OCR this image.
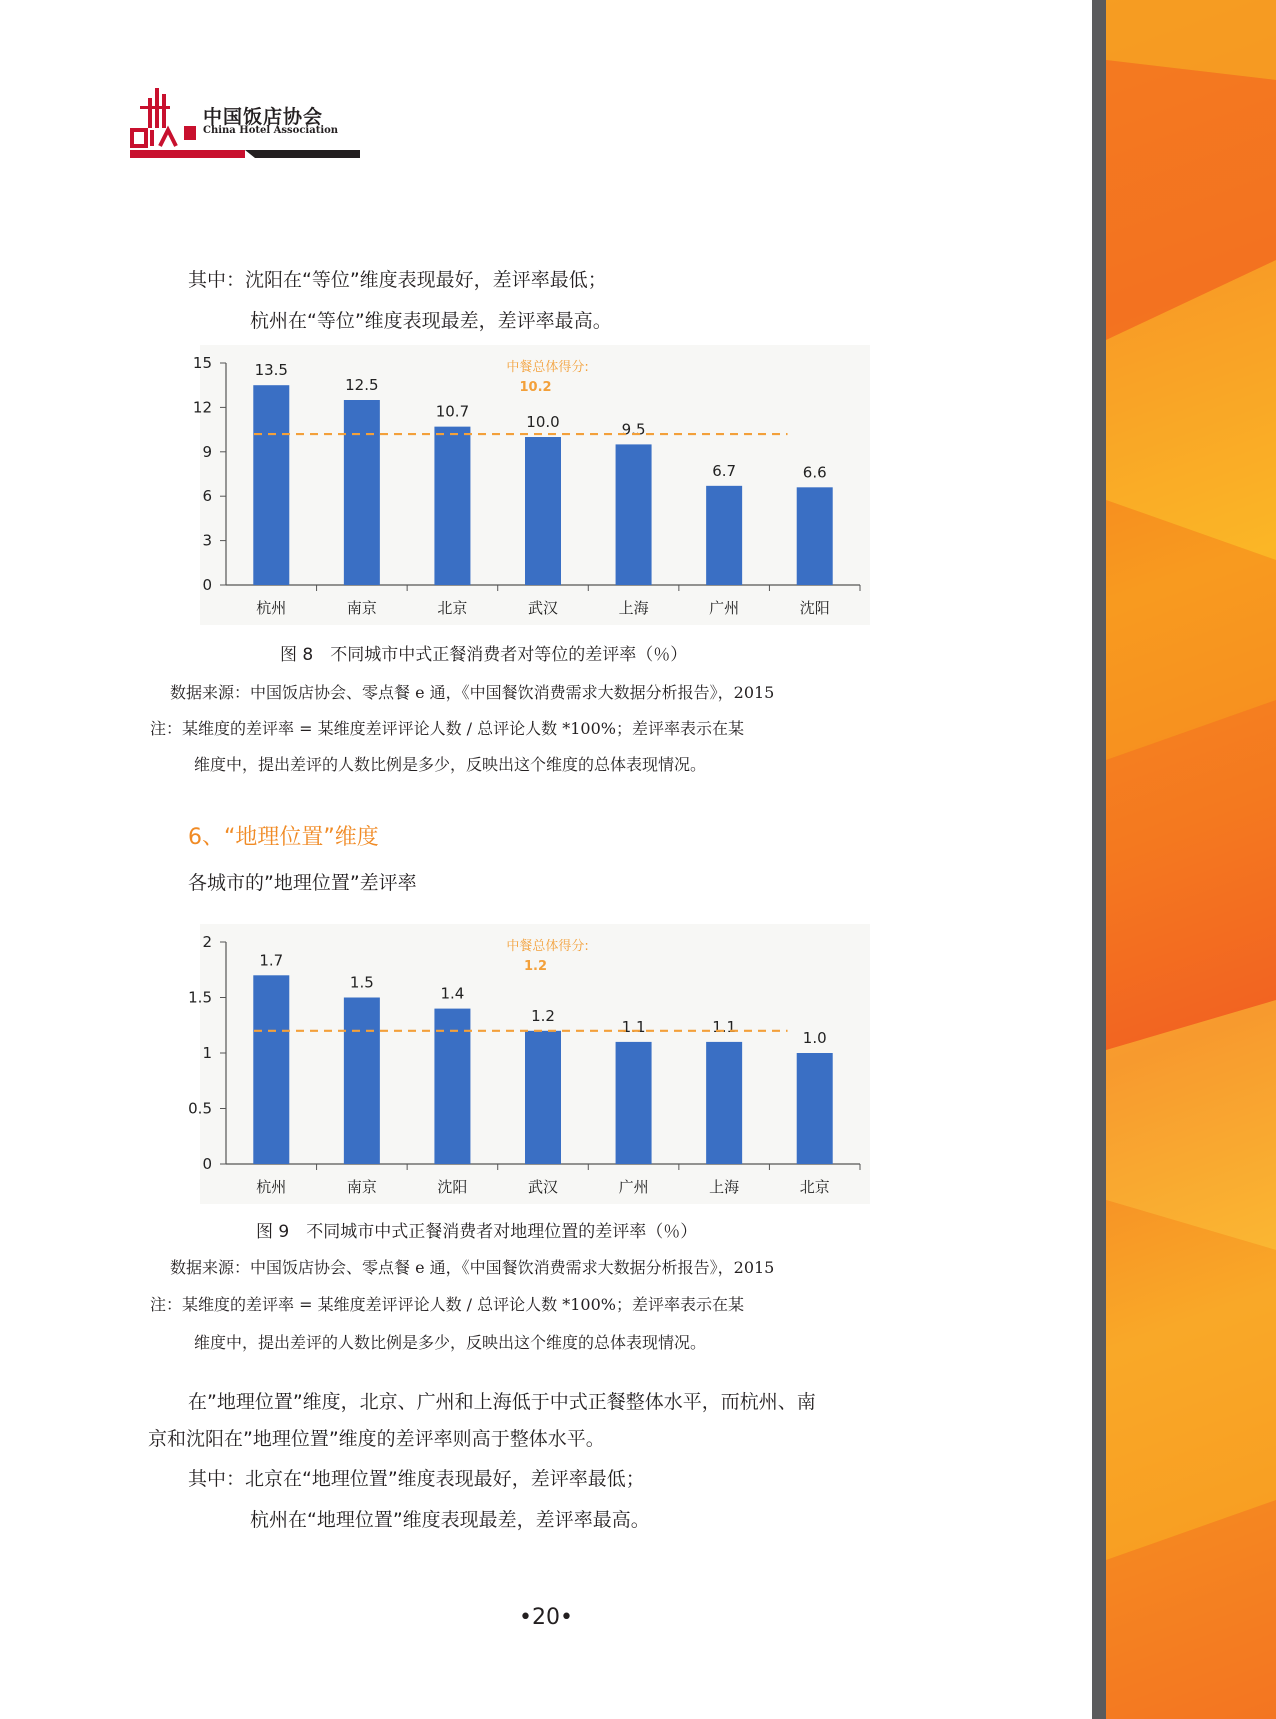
中国饭店协会
China Hotel Association
其中：沈阳在“等位”维度表现最好，差评率最低；
杭州在“等位”维度表现最差，差评率最高。
0
3
6
9
12
15	13.5
杭州
12.5
南京
10.7
北京
10.0
武汉
9.5
上海
6.7
广州
6.6
沈阳
中餐总体得分:
10.2
图 8　不同城市中式正餐消费者对等位的差评率（％）
数据来源：中国饭店协会、零点餐 e 通，《中国餐饮消费需求大数据分析报告》，2015
注：某维度的差评率 = 某维度差评评论人数 / 总评论人数 *100%；差评率表示在某
维度中，提出差评的人数比例是多少，反映出这个维度的总体表现情况。
6、“地理位置”维度
各城市的”地理位置”差评率
0
0.5
1
1.5
2
1.7
杭州
1.5
南京
1.4
沈阳
1.2
武汉
1.1
广州
1.1
上海
1.0
北京
中餐总体得分:
1.2
图 9　不同城市中式正餐消费者对地理位置的差评率（％）
数据来源：中国饭店协会、零点餐 e 通，《中国餐饮消费需求大数据分析报告》，2015
注：某维度的差评率 = 某维度差评评论人数 / 总评论人数 *100%；差评率表示在某
维度中，提出差评的人数比例是多少，反映出这个维度的总体表现情况。
在”地理位置”维度，北京、广州和上海低于中式正餐整体水平，而杭州、南
京和沈阳在”地理位置”维度的差评率则高于整体水平。
其中：北京在“地理位置”维度表现最好，差评率最低；
杭州在“地理位置”维度表现最差，差评率最高。
•20•
